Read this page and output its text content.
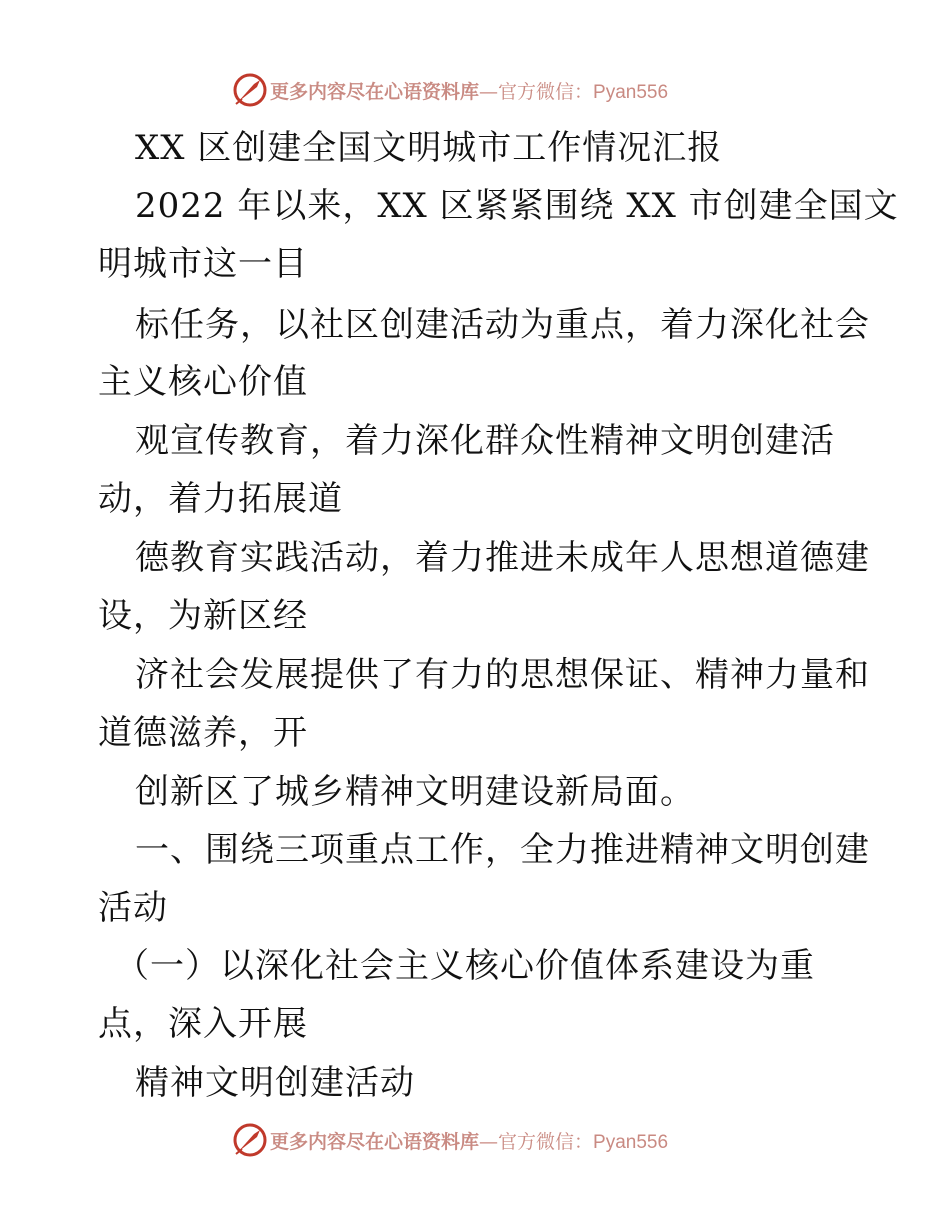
更多内容尽在心语资料库—官方微信：Pyan556
XX 区创建全国文明城市工作情况汇报
2022 年以来，XX 区紧紧围绕 XX 市创建全国文
明城市这一目
标任务，以社区创建活动为重点，着力深化社会
主义核心价值
观宣传教育，着力深化群众性精神文明创建活
动，着力拓展道
德教育实践活动，着力推进未成年人思想道德建
设，为新区经
济社会发展提供了有力的思想保证、精神力量和
道德滋养，开
创新区了城乡精神文明建设新局面。
一、围绕三项重点工作，全力推进精神文明创建
活动
（一）以深化社会主义核心价值体系建设为重
点，深入开展
精神文明创建活动
更多内容尽在心语资料库—官方微信：Pyan556
